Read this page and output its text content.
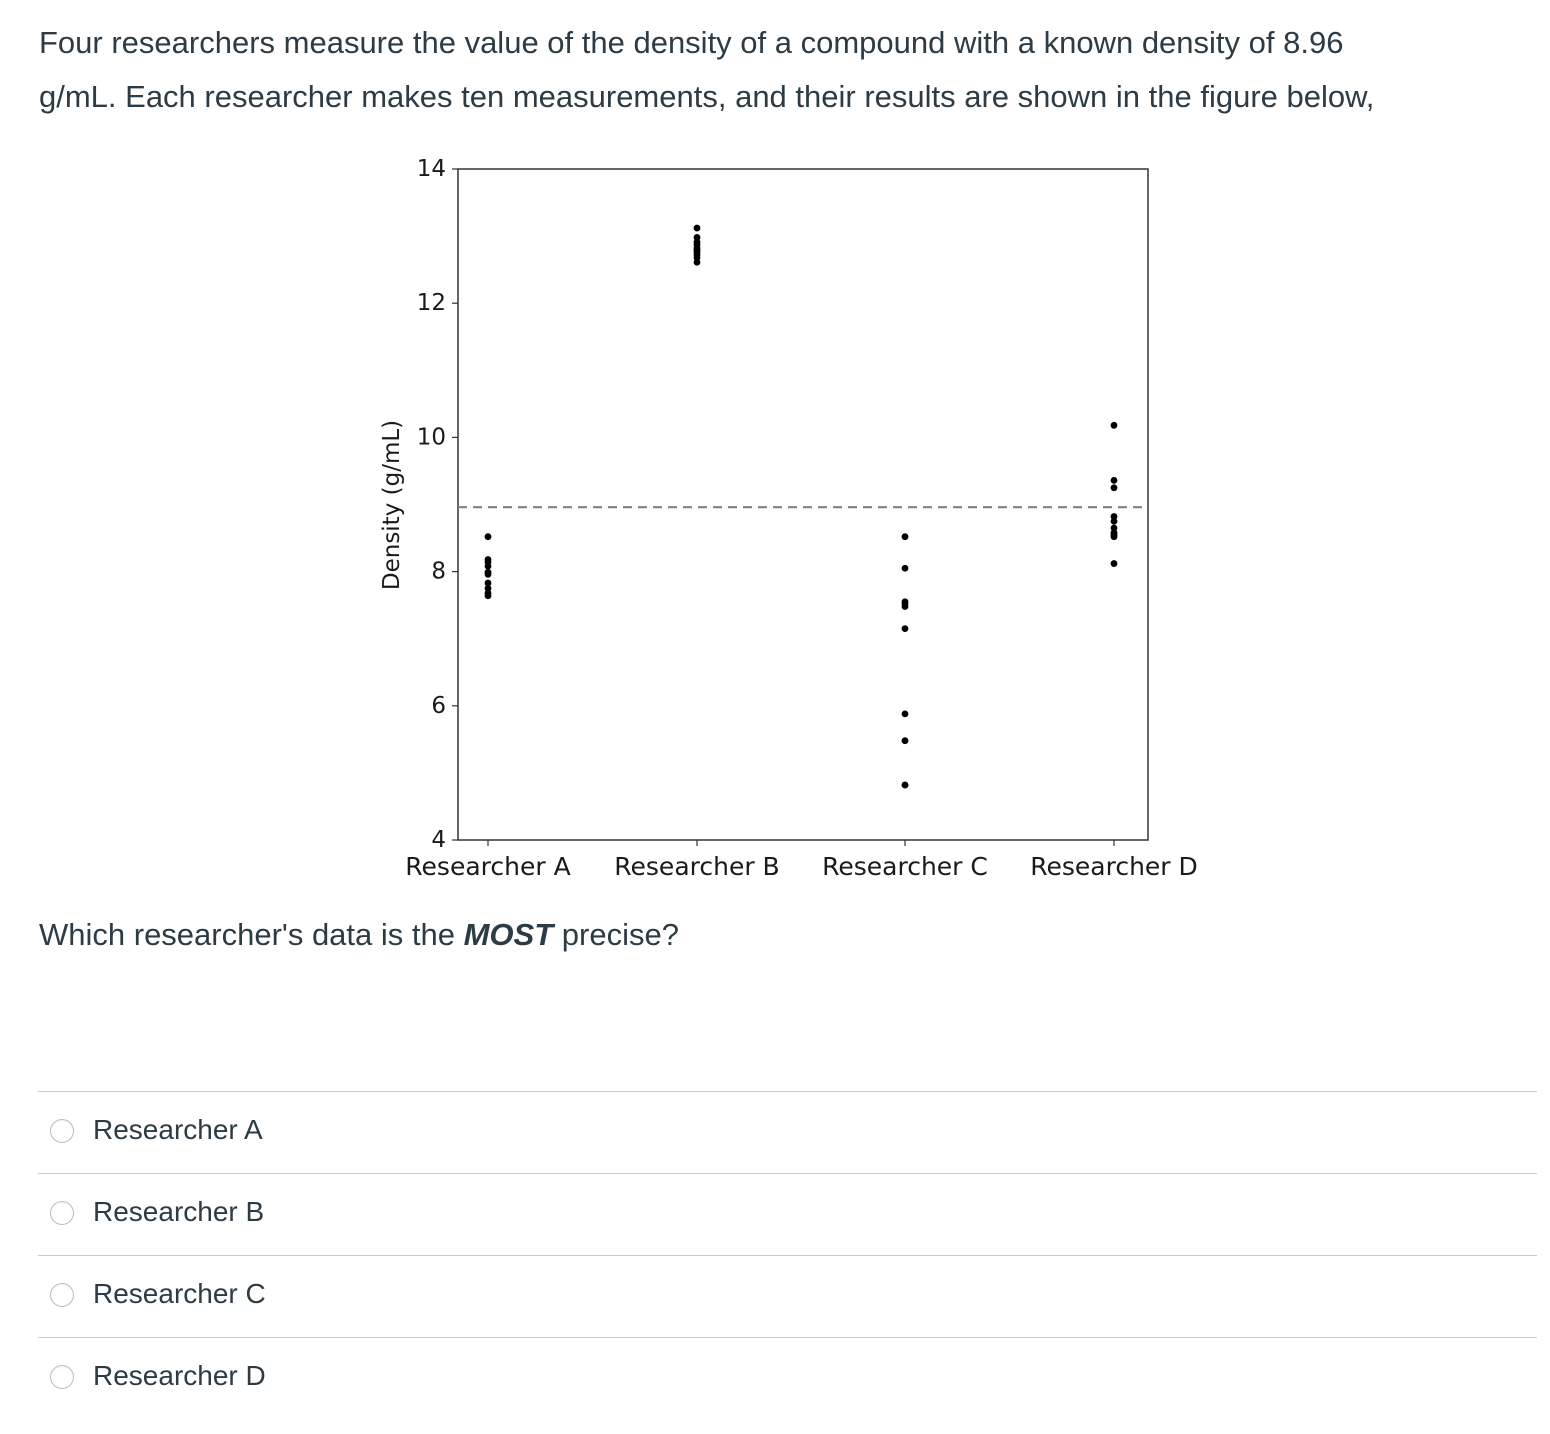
Four researchers measure the value of the density of a compound with a known density of 8.96
g/mL. Each researcher makes ten measurements, and their results are shown in the figure below,

4
6
8
10
12
14
Density (g/mL)
Researcher A Researcher B Researcher C Researcher D

Which researcher's data is the MOST precise?

Researcher A
Researcher B
Researcher C
Researcher D
